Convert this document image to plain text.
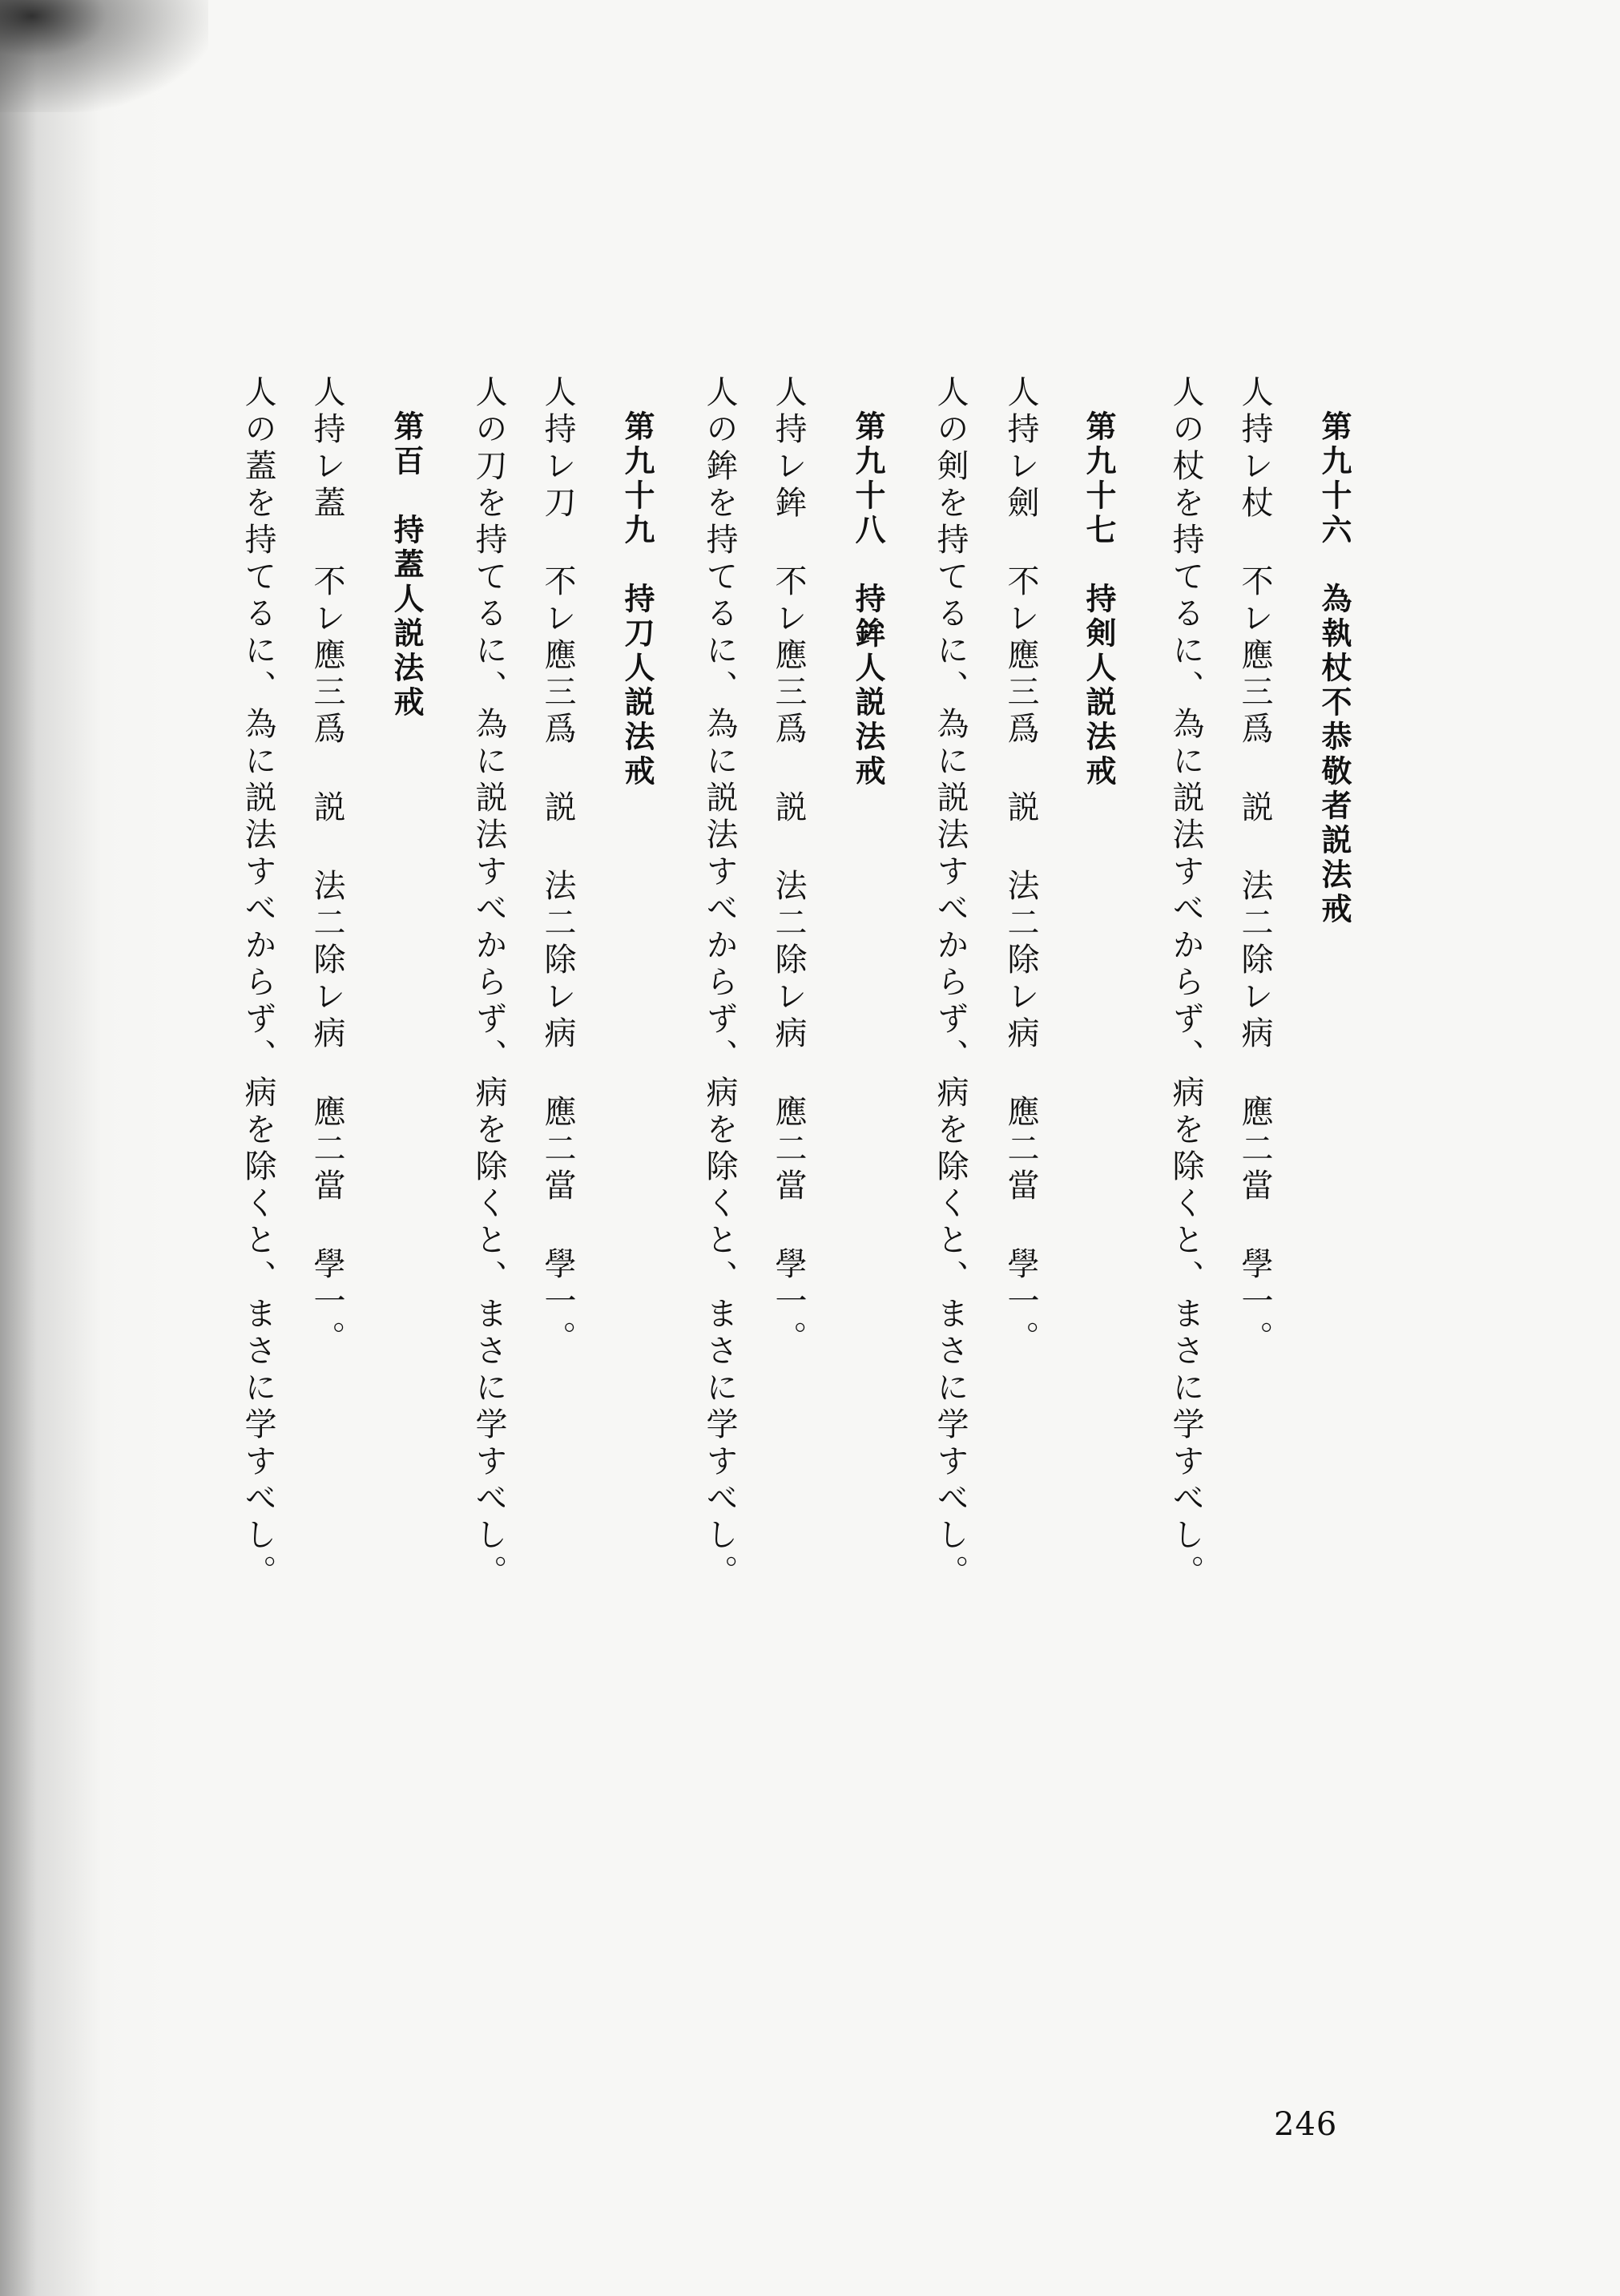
第九十六　為執杖不恭敬者説法戒
人持レ杖 不レ應三爲 説 法二除レ病 應二當 學一。
人の杖を持てるに、為に説法すべからず、病を除くと、まさに学すべし。
第九十七　持剣人説法戒
人持レ劍 不レ應三爲 説 法二除レ病 應二當 學一。
人の剣を持てるに、為に説法すべからず、病を除くと、まさに学すべし。
第九十八　持鉾人説法戒
人持レ鉾 不レ應三爲 説 法二除レ病 應二當 學一。
人の鉾を持てるに、為に説法すべからず、病を除くと、まさに学すべし。
第九十九　持刀人説法戒
人持レ刀 不レ應三爲 説 法二除レ病 應二當 學一。
人の刀を持てるに、為に説法すべからず、病を除くと、まさに学すべし。
第百　持蓋人説法戒
人持レ蓋 不レ應三爲 説 法二除レ病 應二當 學一。
人の蓋を持てるに、為に説法すべからず、病を除くと、まさに学すべし。
246
